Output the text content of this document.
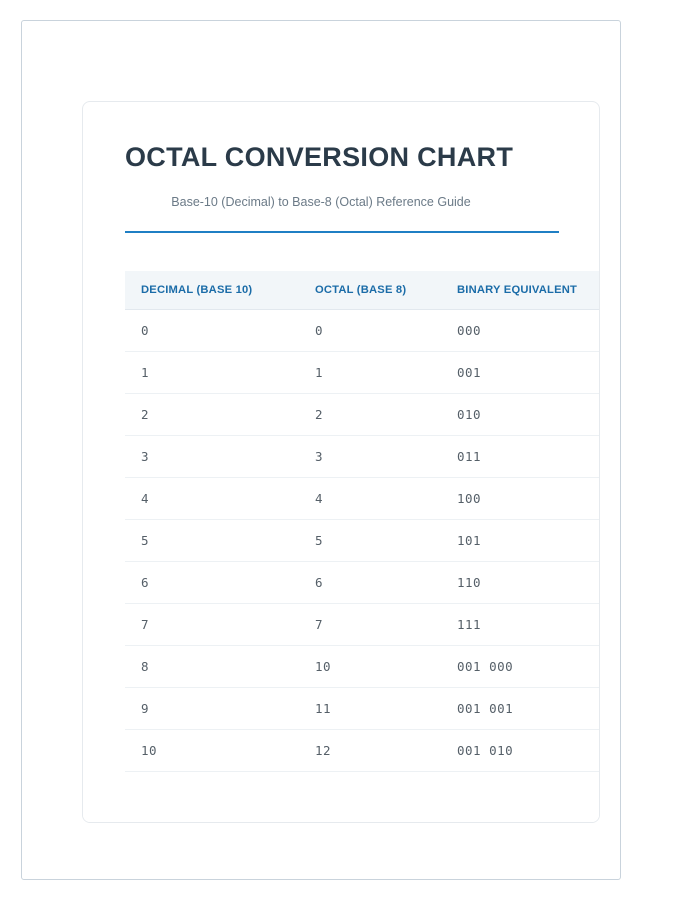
OCTAL CONVERSION CHART

Base-10 (Decimal) to Base-8 (Octal) Reference Guide

DECIMAL (BASE 10)	OCTAL (BASE 8)	BINARY EQUIVALENT
0	0	000
1	1	001
2	2	010
3	3	011
4	4	100
5	5	101
6	6	110
7	7	111
8	10	001 000
9	11	001 001
10	12	001 010
